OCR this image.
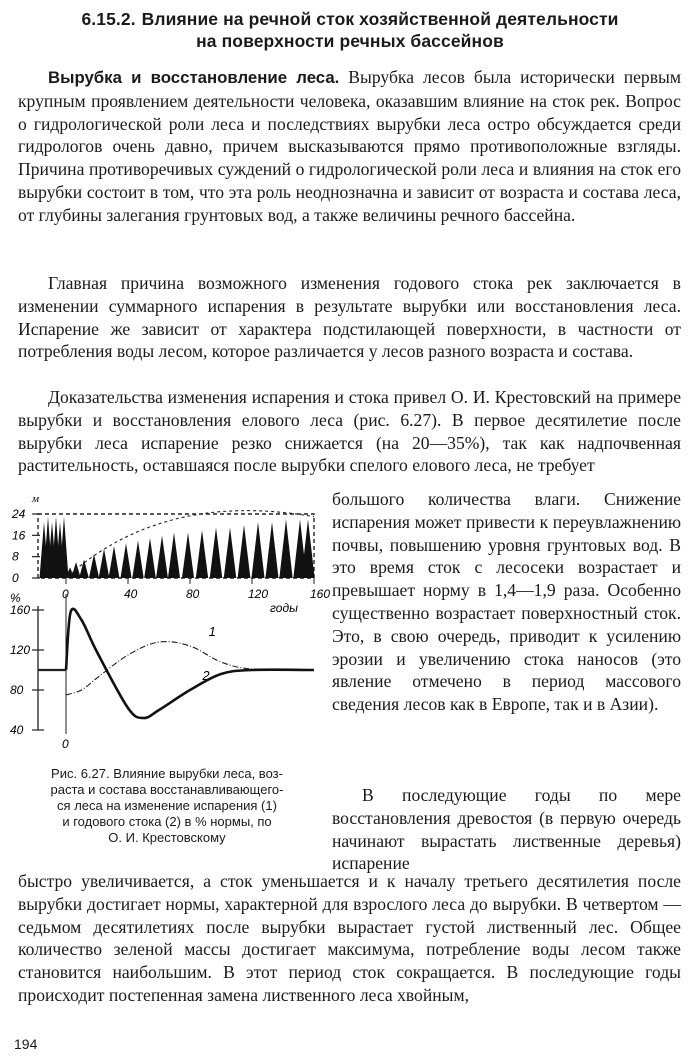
6.15.2. Влияние на речной сток хозяйственной деятельности
на поверхности речных бассейнов

Вырубка и восстановление леса. Вырубка лесов была исторически первым крупным проявлением деятельности человека, оказавшим влияние на сток рек. Вопрос о гидрологической роли леса и последствиях вырубки леса остро обсуждается среди гидрологов очень давно, причем высказываются прямо противоположные взгляды. Причина противоречивых суждений о гидрологической роли леса и влияния на сток его вырубки состоит в том, что эта роль неоднозначна и зависит от возраста и состава леса, от глубины залегания грунтовых вод, а также величины речного бассейна.

Главная причина возможного изменения годового стока рек заключается в изменении суммарного испарения в результате вырубки или восстановления леса. Испарение же зависит от характера подстилающей поверхности, в частности от потребления воды лесом, которое различается у лесов разного возраста и состава.

Доказательства изменения испарения и стока привел О. И. Крестовский на примере вырубки и восстановления елового леса (рис. 6.27). В первое десятилетие после вырубки леса испарение резко снижается (на 20—35%), так как надпочвенная растительность, оставшаяся после вырубки спелого елового леса, не требует

большого количества влаги. Снижение испарения может привести к переувлажнению почвы, повышению уровня грунтовых вод. В это время сток с лесосеки возрастает и превышает норму в 1,4—1,9 раза. Особенно существенно возрастает поверхностный сток. Это, в свою очередь, приводит к усилению эрозии и увеличению стока наносов (это явление отмечено в период массового сведения лесов как в Европе, так и в Азии).

В последующие годы по мере восстановления древостоя (в первую очередь начинают вырастать лиственные деревья) испарение

м
24
16
8
0
0	40	80	120	160
годы
%
160
120
80
40
0
1
2
Рис. 6.27. Влияние вырубки леса, воз-
раста и состава восстанавливающего-
ся леса на изменение испарения (1)
и годового стока (2) в % нормы, по
О. И. Крестовскому

быстро увеличивается, а сток уменьшается и к началу третьего десятилетия после вырубки достигает нормы, характерной для взрослого леса до вырубки. В четвертом — седьмом десятилетиях после вырубки вырастает густой лиственный лес. Общее количество зеленой массы достигает максимума, потребление воды лесом также становится наибольшим. В этот период сток сокращается. В последующие годы происходит постепенная замена лиственного леса хвойным,

194
